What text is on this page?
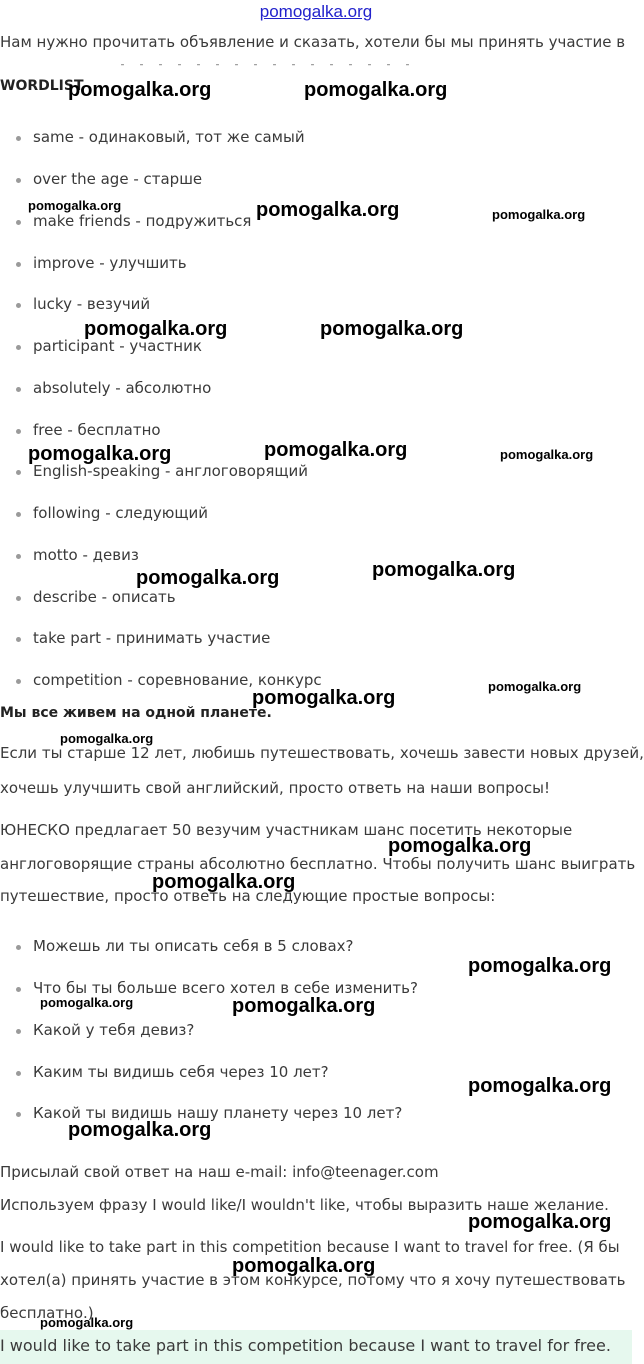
pomogalka.org
Нам нужно прочитать объявление и сказать, хотели бы мы принять участие в
ˉˉˉˉˉˉˉˉˉˉˉˉˉˉˉˉ
WORDLIST
same - одинаковый, тот же самый
over the age - старше
make friends - подружиться
improve - улучшить
lucky - везучий
participant - участник
absolutely - абсолютно
free - бесплатно
English-speaking - англоговорящий
following - следующий
motto - девиз
describe - описать
take part - принимать участие
competition - соревнование, конкурс
Мы все живем на одной планете.
Если ты старше 12 лет, любишь путешествовать, хочешь завести новых друзей,
хочешь улучшить свой английский, просто ответь на наши вопросы!
ЮНЕСКО предлагает 50 везучим участникам шанс посетить некоторые
англоговорящие страны абсолютно бесплатно. Чтобы получить шанс выиграть
путешествие, просто ответь на следующие простые вопросы:
Можешь ли ты описать себя в 5 словах?
Что бы ты больше всего хотел в себе изменить?
Какой у тебя девиз?
Каким ты видишь себя через 10 лет?
Какой ты видишь нашу планету через 10 лет?
Присылай свой ответ на наш e-mail: info@teenager.com
Используем фразу I would like/I wouldn't like, чтобы выразить наше желание.
I would like to take part in this competition because I want to travel for free. (Я бы
хотел(а) принять участие в этом конкурсе, потому что я хочу путешествовать
бесплатно.)
I would like to take part in this competition because I want to travel for free.
pomogalka.org	pomogalka.org
pomogalka.org	pomogalka.org	pomogalka.org
pomogalka.org	pomogalka.org
pomogalka.org	pomogalka.org	pomogalka.org
pomogalka.org	pomogalka.org
pomogalka.org
pomogalka.org
pomogalka.org
pomogalka.org
pomogalka.org
pomogalka.org
pomogalka.org	pomogalka.org
pomogalka.org
pomogalka.org
pomogalka.org
pomogalka.org
pomogalka.org
